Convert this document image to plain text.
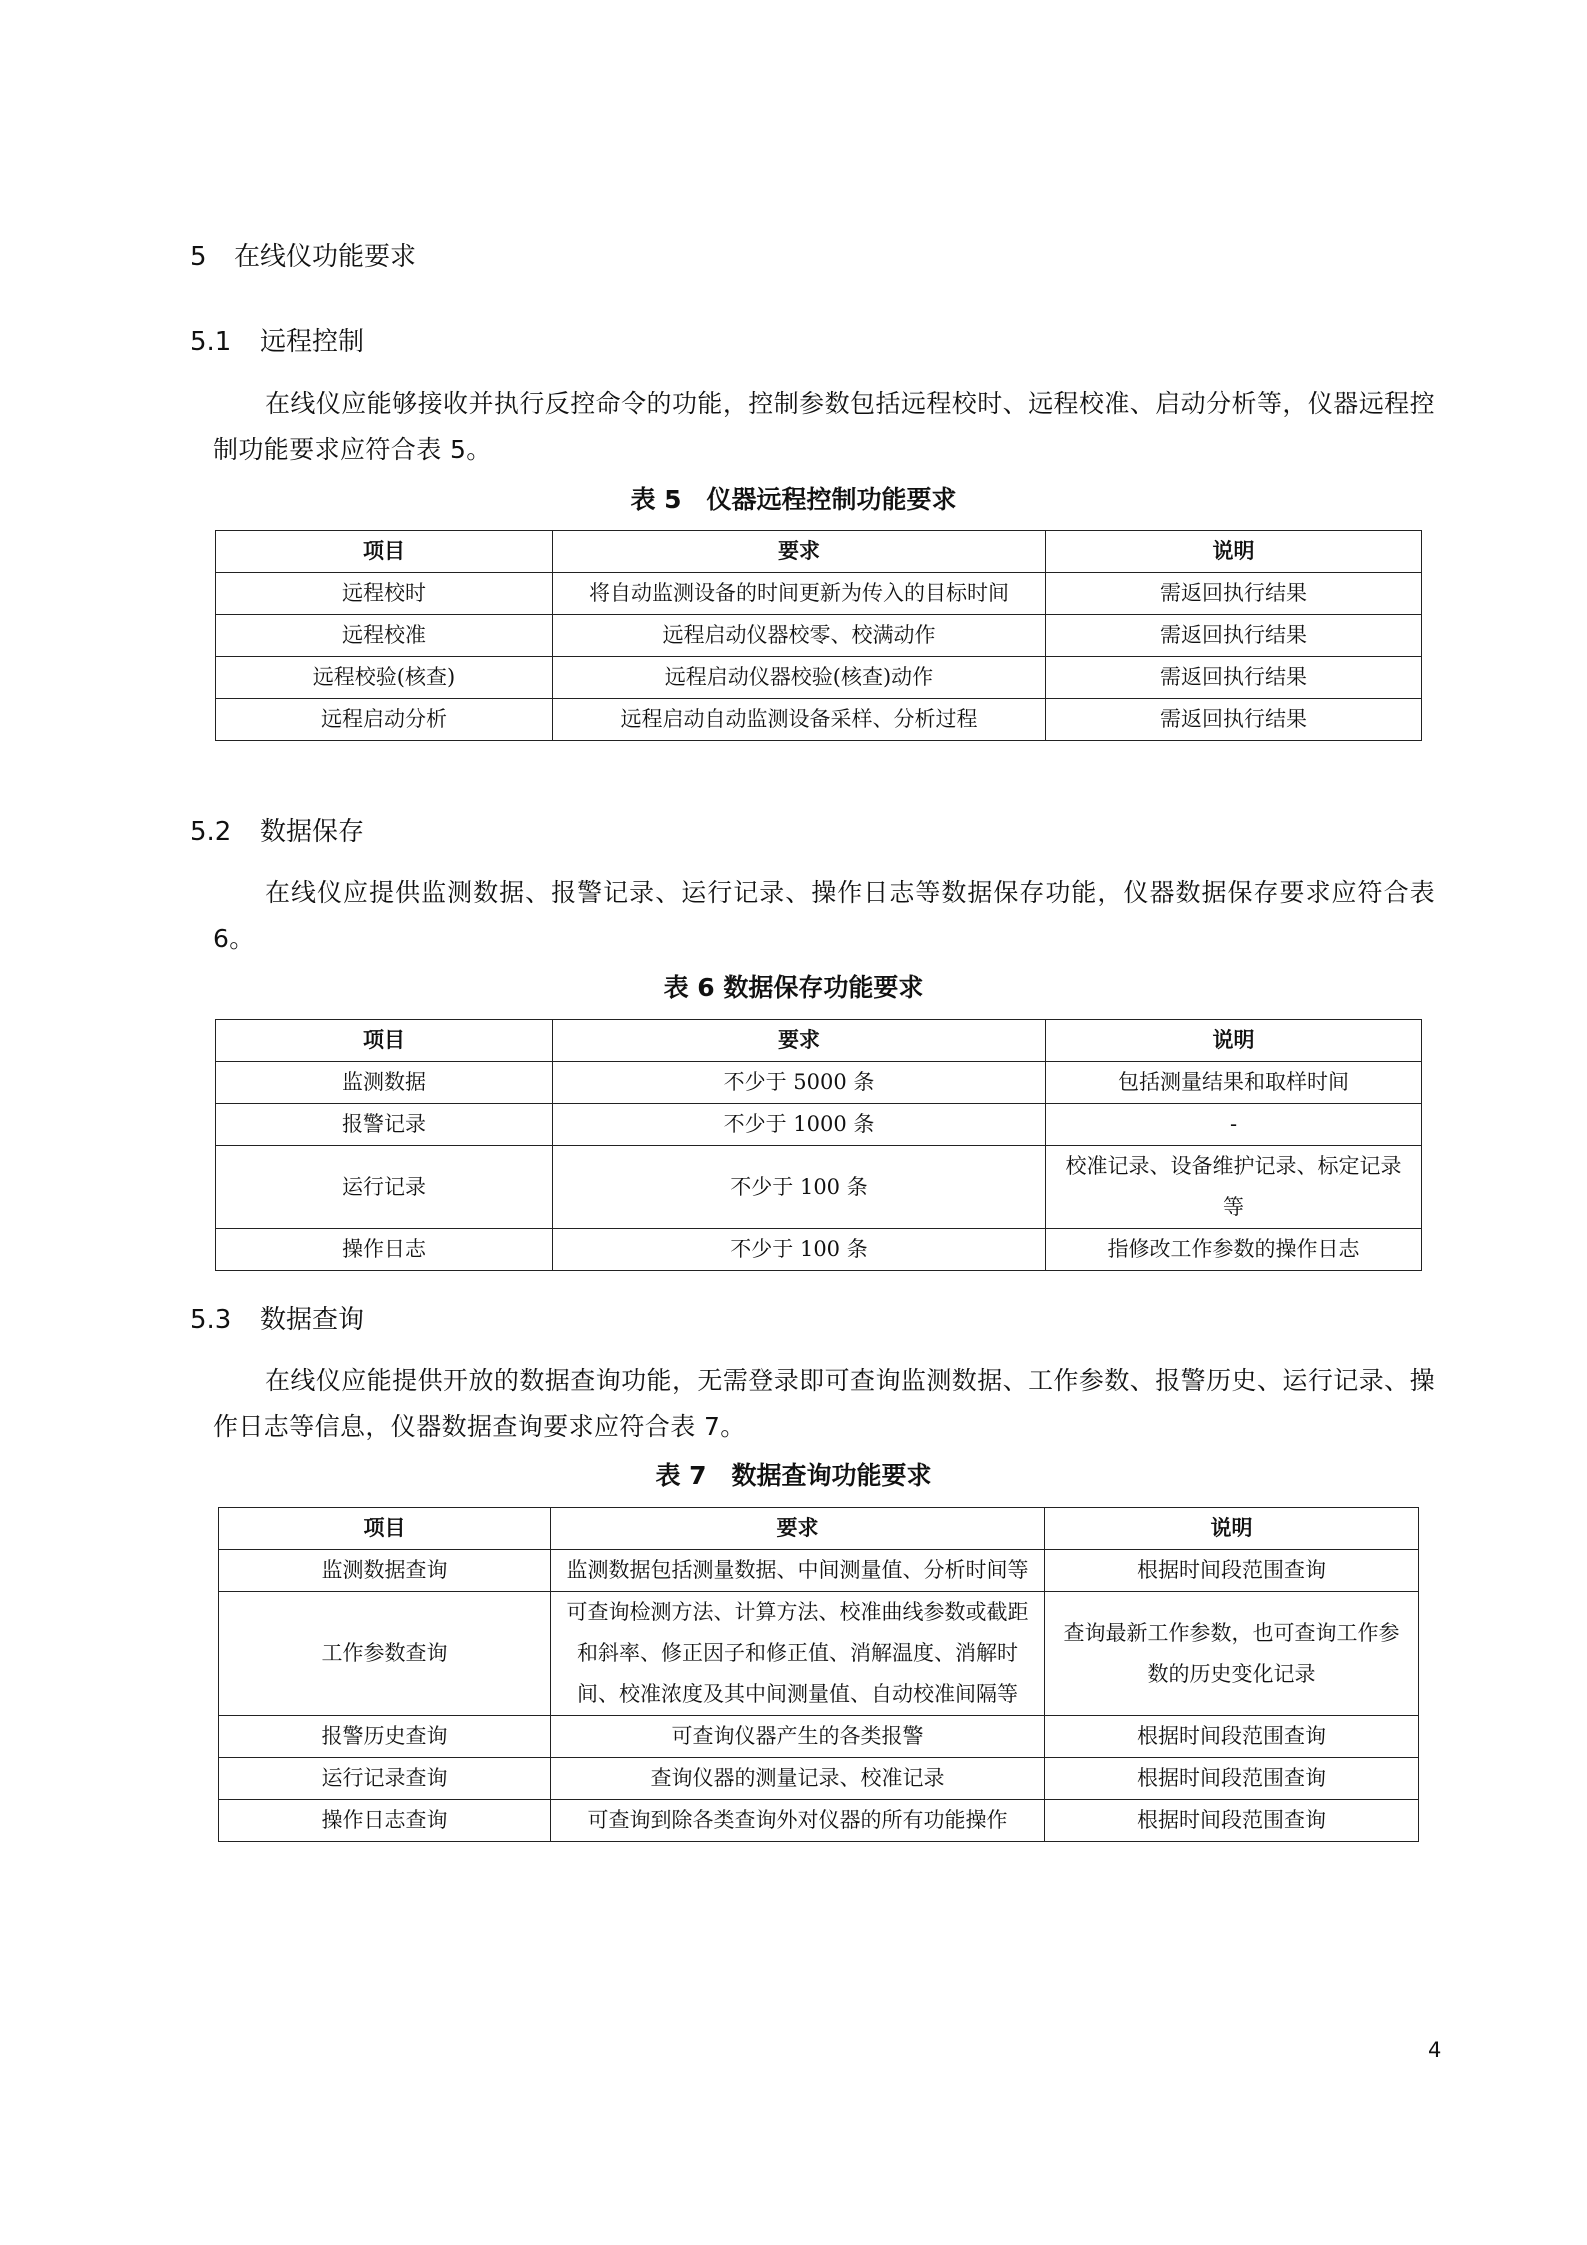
5 在线仪功能要求
5.1 远程控制
在线仪应能够接收并执行反控命令的功能，控制参数包括远程校时、远程校准、启动分析等，仪器远程控制功能要求应符合表 5。
表 5　仪器远程控制功能要求
项目	要求	说明
远程校时	将自动监测设备的时间更新为传入的目标时间	需返回执行结果
远程校准	远程启动仪器校零、校满动作	需返回执行结果
远程校验(核查)	远程启动仪器校验(核查)动作	需返回执行结果
远程启动分析	远程启动自动监测设备采样、分析过程	需返回执行结果
5.2 数据保存
在线仪应提供监测数据、报警记录、运行记录、操作日志等数据保存功能，仪器数据保存要求应符合表 6。
表 6 数据保存功能要求
项目	要求	说明
监测数据	不少于 5000 条	包括测量结果和取样时间
报警记录	不少于 1000 条	-
运行记录	不少于 100 条	校准记录、设备维护记录、标定记录等
操作日志	不少于 100 条	指修改工作参数的操作日志
5.3 数据查询
在线仪应能提供开放的数据查询功能，无需登录即可查询监测数据、工作参数、报警历史、运行记录、操作日志等信息，仪器数据查询要求应符合表 7。
表 7　数据查询功能要求
项目	要求	说明
监测数据查询	监测数据包括测量数据、中间测量值、分析时间等	根据时间段范围查询
工作参数查询	可查询检测方法、计算方法、校准曲线参数或截距和斜率、修正因子和修正值、消解温度、消解时间、校准浓度及其中间测量值、自动校准间隔等	查询最新工作参数，也可查询工作参数的历史变化记录
报警历史查询	可查询仪器产生的各类报警	根据时间段范围查询
运行记录查询	查询仪器的测量记录、校准记录	根据时间段范围查询
操作日志查询	可查询到除各类查询外对仪器的所有功能操作	根据时间段范围查询
4
